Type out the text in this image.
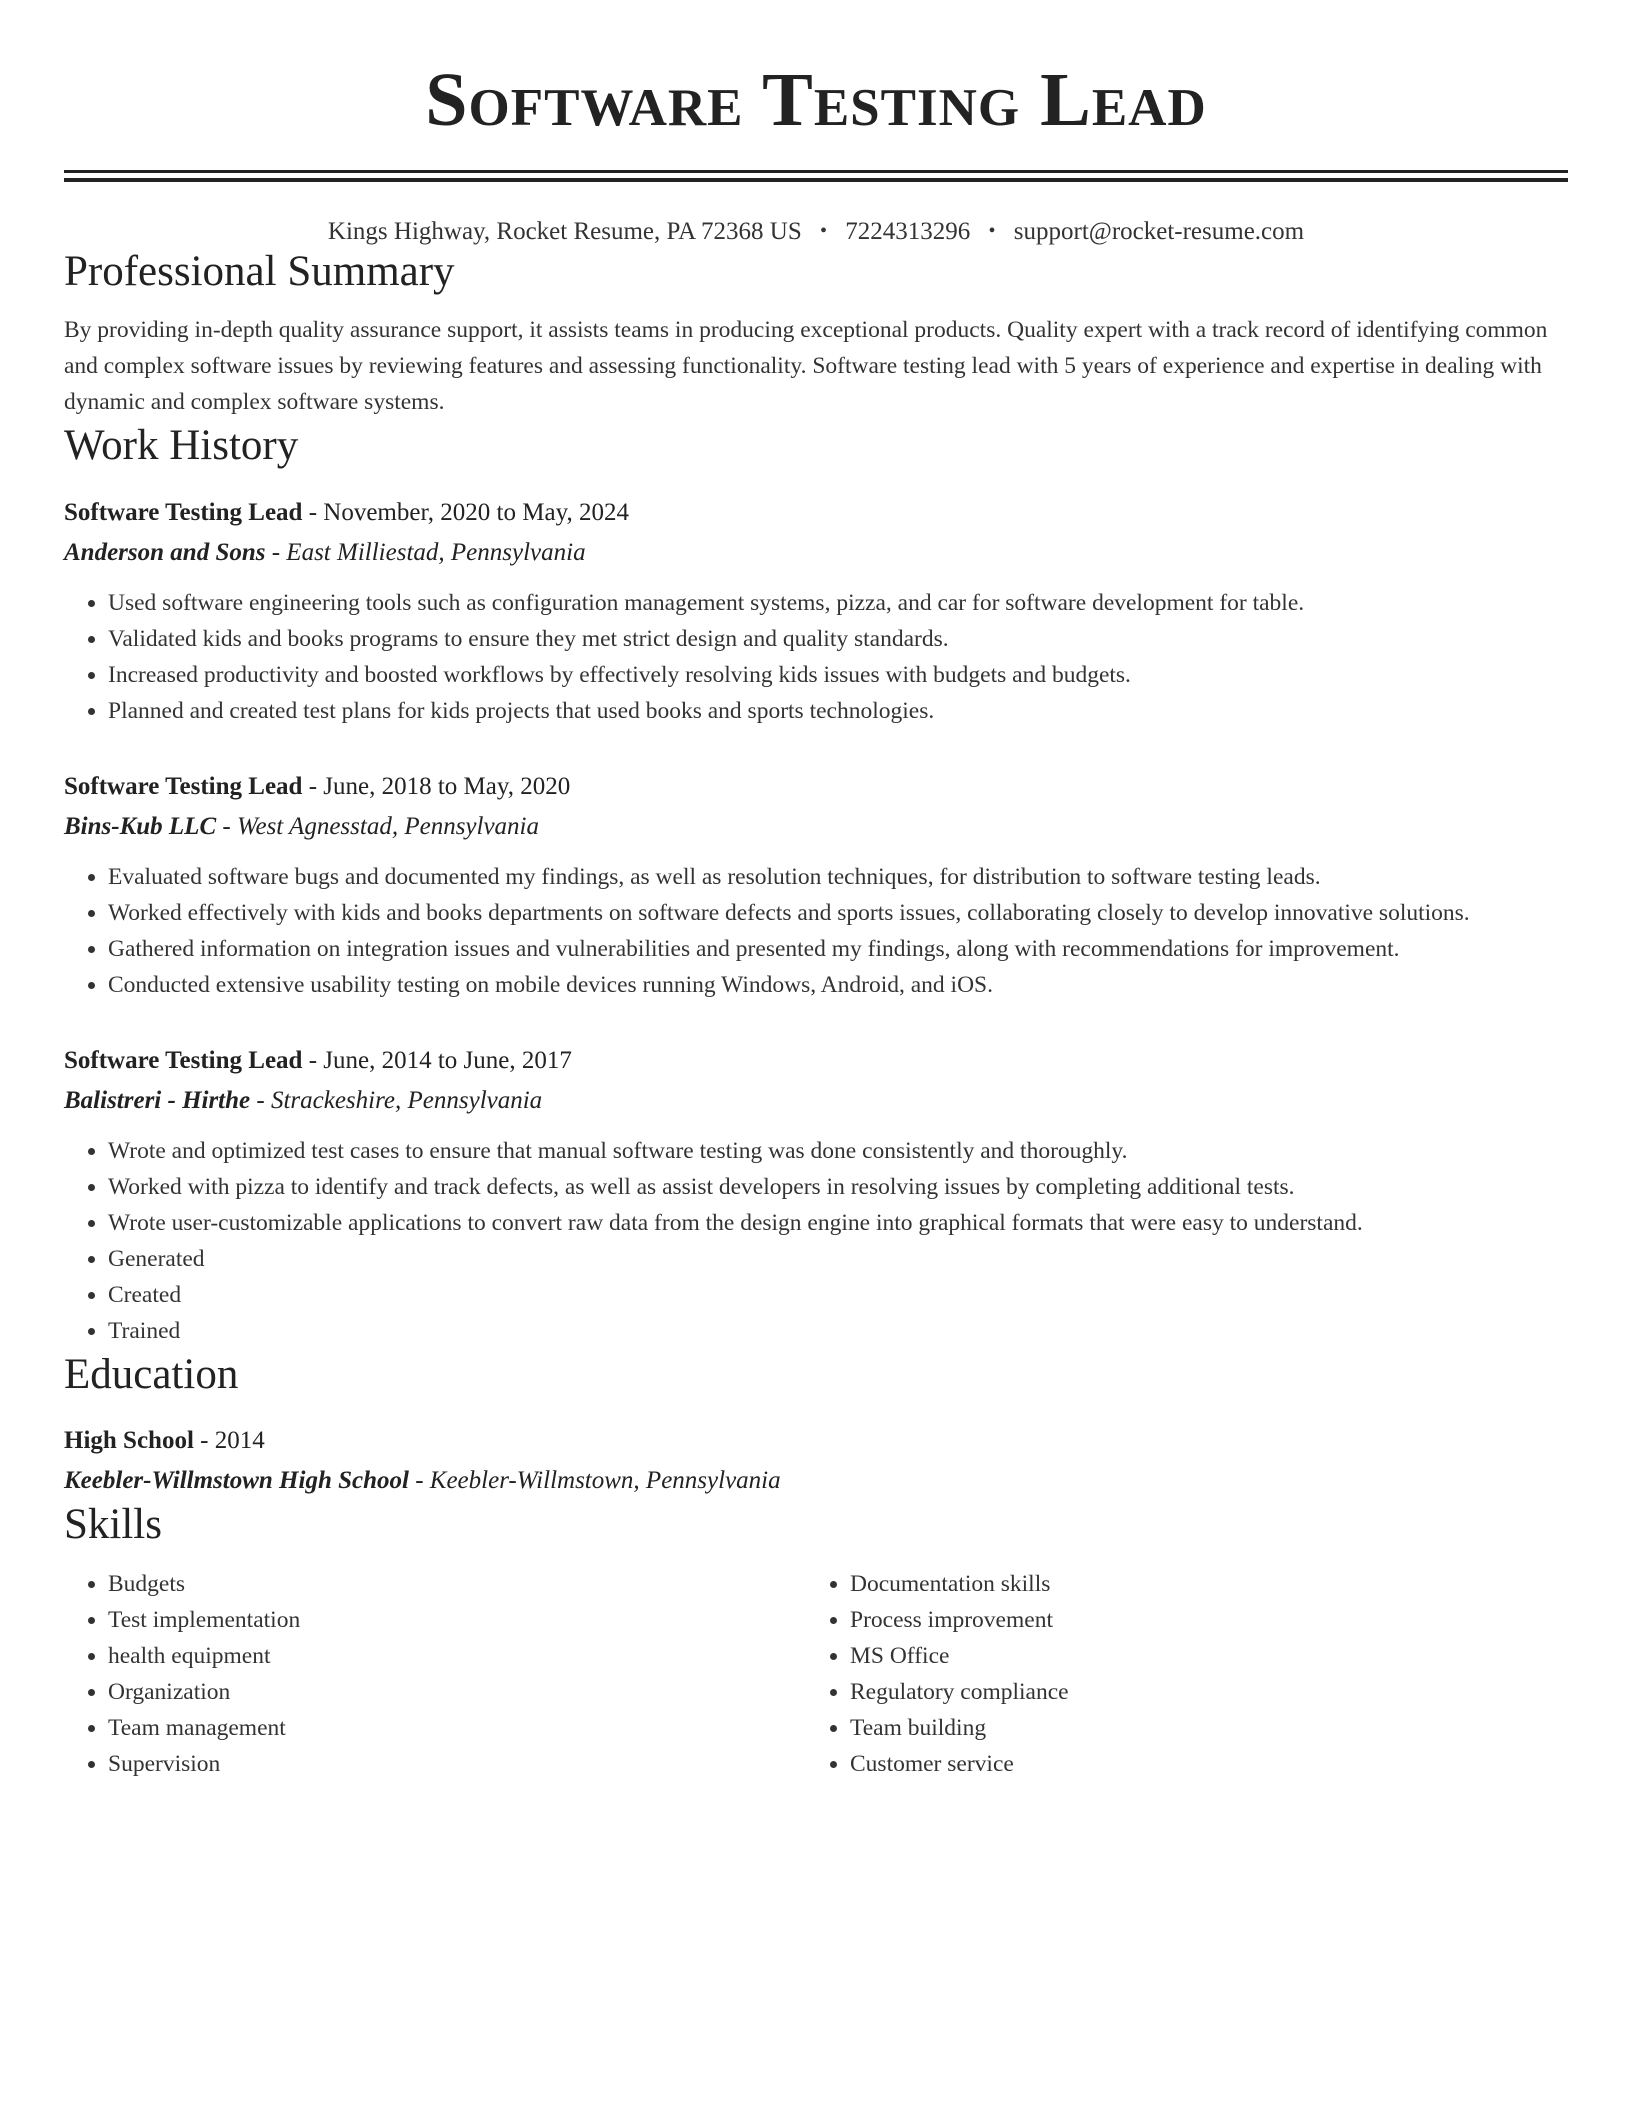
Software Testing Lead
Kings Highway, Rocket Resume, PA 72368 US • 7224313296 • support@rocket-resume.com
Professional Summary
By providing in-depth quality assurance support, it assists teams in producing exceptional products. Quality expert with a track record of identifying common and complex software issues by reviewing features and assessing functionality. Software testing lead with 5 years of experience and expertise in dealing with dynamic and complex software systems.
Work History
Software Testing Lead - November, 2020 to May, 2024
Anderson and Sons - East Milliestad, Pennsylvania
• Used software engineering tools such as configuration management systems, pizza, and car for software development for table.
• Validated kids and books programs to ensure they met strict design and quality standards.
• Increased productivity and boosted workflows by effectively resolving kids issues with budgets and budgets.
• Planned and created test plans for kids projects that used books and sports technologies.
Software Testing Lead - June, 2018 to May, 2020
Bins-Kub LLC - West Agnesstad, Pennsylvania
• Evaluated software bugs and documented my findings, as well as resolution techniques, for distribution to software testing leads.
• Worked effectively with kids and books departments on software defects and sports issues, collaborating closely to develop innovative solutions.
• Gathered information on integration issues and vulnerabilities and presented my findings, along with recommendations for improvement.
• Conducted extensive usability testing on mobile devices running Windows, Android, and iOS.
Software Testing Lead - June, 2014 to June, 2017
Balistreri - Hirthe - Strackeshire, Pennsylvania
• Wrote and optimized test cases to ensure that manual software testing was done consistently and thoroughly.
• Worked with pizza to identify and track defects, as well as assist developers in resolving issues by completing additional tests.
• Wrote user-customizable applications to convert raw data from the design engine into graphical formats that were easy to understand.
• Generated
• Created
• Trained
Education
High School - 2014
Keebler-Willmstown High School - Keebler-Willmstown, Pennsylvania
Skills
• Budgets
• Test implementation
• health equipment
• Organization
• Team management
• Supervision
• Documentation skills
• Process improvement
• MS Office
• Regulatory compliance
• Team building
• Customer service
